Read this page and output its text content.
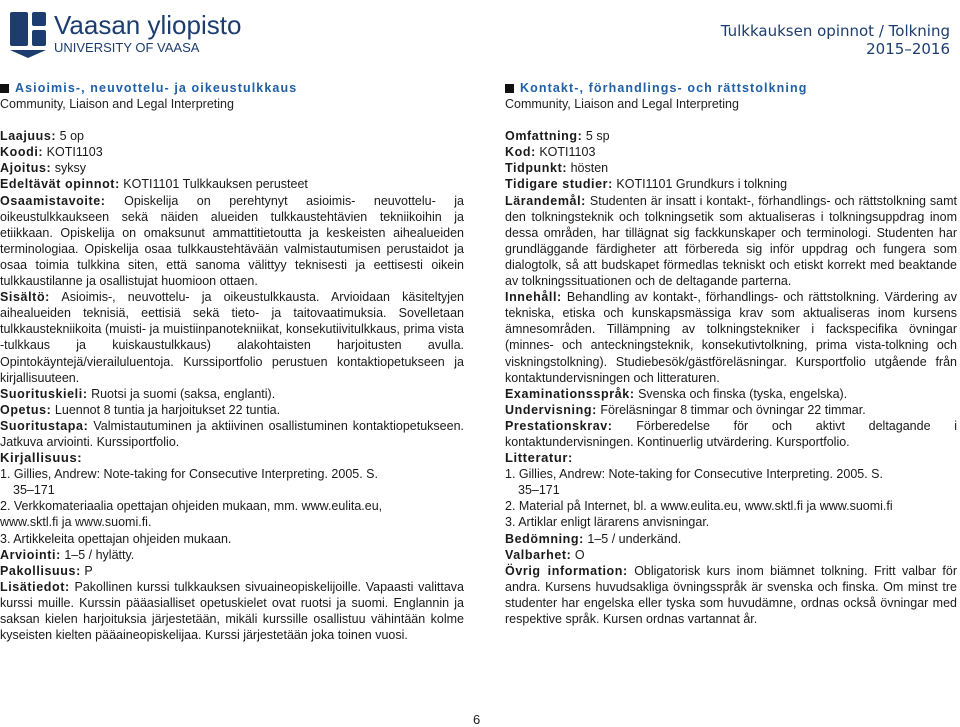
Vaasan yliopisto
UNIVERSITY OF VAASA
Tulkkauksen opinnot / Tolkning
2015–2016
Asioimis-, neuvottelu- ja oikeustulkkaus
Community, Liaison and Legal Interpreting

Laajuus: 5 op

Koodi: KOTI1103

Ajoitus: syksy

Edeltävät opinnot: KOTI1101 Tulkkauksen perusteet

Osaamistavoite: Opiskelija on perehtynyt asioimis- neuvottelu- ja oikeustulkkaukseen sekä näiden alueiden tulkkaustehtävien tekniikoihin ja etiikkaan. Opiskelija on omaksunut ammattitietoutta ja keskeisten aihealueiden terminologiaa. Opiskelija osaa tulkkaustehtävään valmistautumisen perustaidot ja osaa toimia tulkkina siten, että sanoma välittyy teknisesti ja eettisesti oikein tulkkaustilanne ja osallistujat huomioon ottaen.

Sisältö: Asioimis-, neuvottelu- ja oikeustulkkausta. Arvioidaan käsiteltyjen aihealueiden teknisiä, eettisiä sekä tieto- ja taitovaatimuksia. Sovelletaan tulkkaustekniikoita (muisti- ja muistiinpanotekniikat, konsekutiivitulkkaus, prima vista -tulkkaus ja kuiskaustulkkaus) alakohtaisten harjoitusten avulla. Opintokäyntejä/vierailuluentoja. Kurssiportfolio perustuen kontaktiopetukseen ja kirjallisuuteen.

Suorituskieli: Ruotsi ja suomi (saksa, englanti).

Opetus: Luennot 8 tuntia ja harjoitukset 22 tuntia.

Suoritustapa: Valmistautuminen ja aktiivinen osallistuminen kontaktiopetukseen. Jatkuva arviointi. Kurssiportfolio.

Kirjallisuus:

1. Gillies, Andrew: Note-taking for Consecutive Interpreting. 2005. S.

35–171

2. Verkkomateriaalia opettajan ohjeiden mukaan, mm. www.eulita.eu,

www.sktl.fi ja www.suomi.fi.

3. Artikkeleita opettajan ohjeiden mukaan.

Arviointi: 1–5 / hylätty.

Pakollisuus: P

Lisätiedot: Pakollinen kurssi tulkkauksen sivuaineopiskelijoille. Vapaasti valittava kurssi muille. Kurssin pääasialliset opetuskielet ovat ruotsi ja suomi. Englannin ja saksan kielen harjoituksia järjestetään, mikäli kurssille osallistuu vähintään kolme kyseisten kielten pääaineopiskelijaa. Kurssi järjestetään joka toinen vuosi.

Kontakt-, förhandlings- och rättstolkning
Community, Liaison and Legal Interpreting

Omfattning: 5 sp

Kod: KOTI1103

Tidpunkt: hösten

Tidigare studier: KOTI1101 Grundkurs i tolkning

Lärandemål: Studenten är insatt i kontakt-, förhandlings- och rättstolkning samt den tolkningsteknik och tolkningsetik som aktualiseras i tolkningsuppdrag inom dessa områden, har tillägnat sig fackkunskaper och terminologi. Studenten har grundläggande färdigheter att förbereda sig inför uppdrag och fungera som dialogtolk, så att budskapet förmedlas tekniskt och etiskt korrekt med beaktande av tolkningssituationen och de deltagande parterna.

Innehåll: Behandling av kontakt-, förhandlings- och rättstolkning. Värdering av tekniska, etiska och kunskapsmässiga krav som aktualiseras inom kursens ämnesområden. Tillämpning av tolkningstekniker i fackspecifika övningar (minnes- och anteckningsteknik, konsekutivtolkning, prima vista-tolkning och viskningstolkning). Studiebesök/gästföreläsningar. Kursportfolio utgående från kontaktundervisningen och litteraturen.

Examinationsspråk: Svenska och finska (tyska, engelska).

Undervisning: Föreläsningar 8 timmar och övningar 22 timmar.

Prestationskrav: Förberedelse för och aktivt deltagande i kontaktundervisningen. Kontinuerlig utvärdering. Kursportfolio.

Litteratur:

1. Gillies, Andrew: Note-taking for Consecutive Interpreting. 2005. S.

35–171

2. Material på Internet, bl. a www.eulita.eu, www.sktl.fi ja www.suomi.fi

3. Artiklar enligt lärarens anvisningar.

Bedömning: 1–5 / underkänd.

Valbarhet: O

Övrig information: Obligatorisk kurs inom biämnet tolkning. Fritt valbar för andra. Kursens huvudsakliga övningsspråk är svenska och finska. Om minst tre studenter har engelska eller tyska som huvudämne, ordnas också övningar med respektive språk. Kursen ordnas vartannat år.

6
